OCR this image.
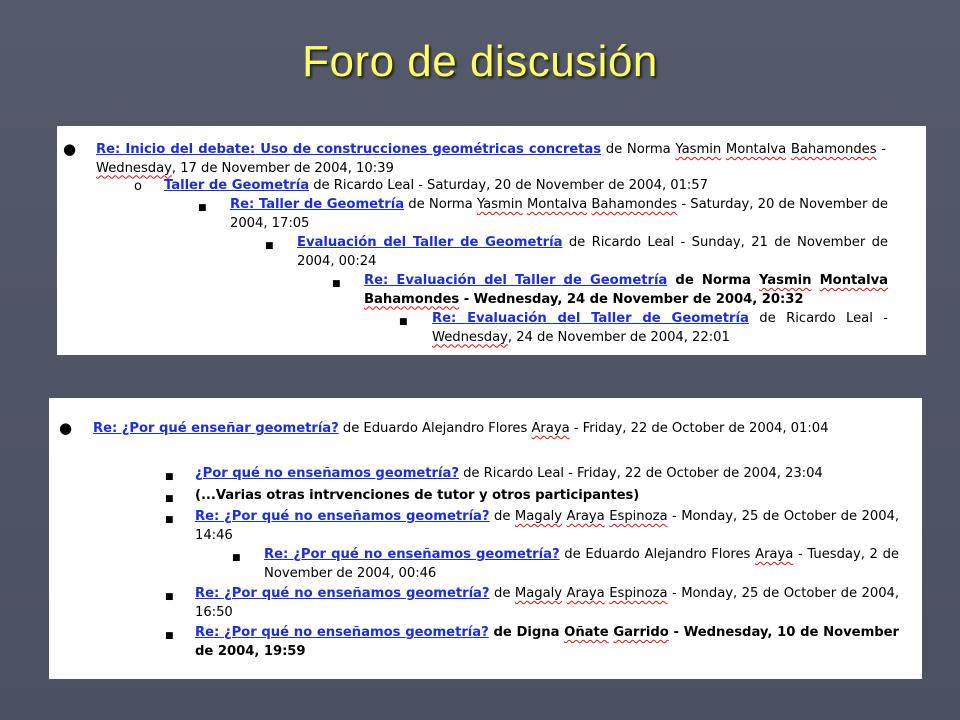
Foro de discusión
● Re: Inicio del debate: Uso de construcciones geométricas concretas de Norma Yasmin Montalva Bahamondes - Wednesday, 17 de November de 2004, 10:39
o Taller de Geometría de Ricardo Leal - Saturday, 20 de November de 2004, 01:57
■ Re: Taller de Geometría de Norma Yasmin Montalva Bahamondes - Saturday, 20 de November de 2004, 17:05
■ Evaluación del Taller de Geometría de Ricardo Leal - Sunday, 21 de November de 2004, 00:24
■ Re: Evaluación del Taller de Geometría de Norma Yasmin Montalva Bahamondes - Wednesday, 24 de November de 2004, 20:32
■ Re: Evaluación del Taller de Geometría de Ricardo Leal - Wednesday, 24 de November de 2004, 22:01
● Re: ¿Por qué enseñar geometría? de Eduardo Alejandro Flores Araya - Friday, 22 de October de 2004, 01:04
■ ¿Por qué no enseñamos geometría? de Ricardo Leal - Friday, 22 de October de 2004, 23:04
■ (...Varias otras intrvenciones de tutor y otros participantes)
■ Re: ¿Por qué no enseñamos geometría? de Magaly Araya Espinoza - Monday, 25 de October de 2004, 14:46
■ Re: ¿Por qué no enseñamos geometría? de Eduardo Alejandro Flores Araya - Tuesday, 2 de November de 2004, 00:46
■ Re: ¿Por qué no enseñamos geometría? de Magaly Araya Espinoza - Monday, 25 de October de 2004, 16:50
■ Re: ¿Por qué no enseñamos geometría? de Digna Oñate Garrido - Wednesday, 10 de November de 2004, 19:59
